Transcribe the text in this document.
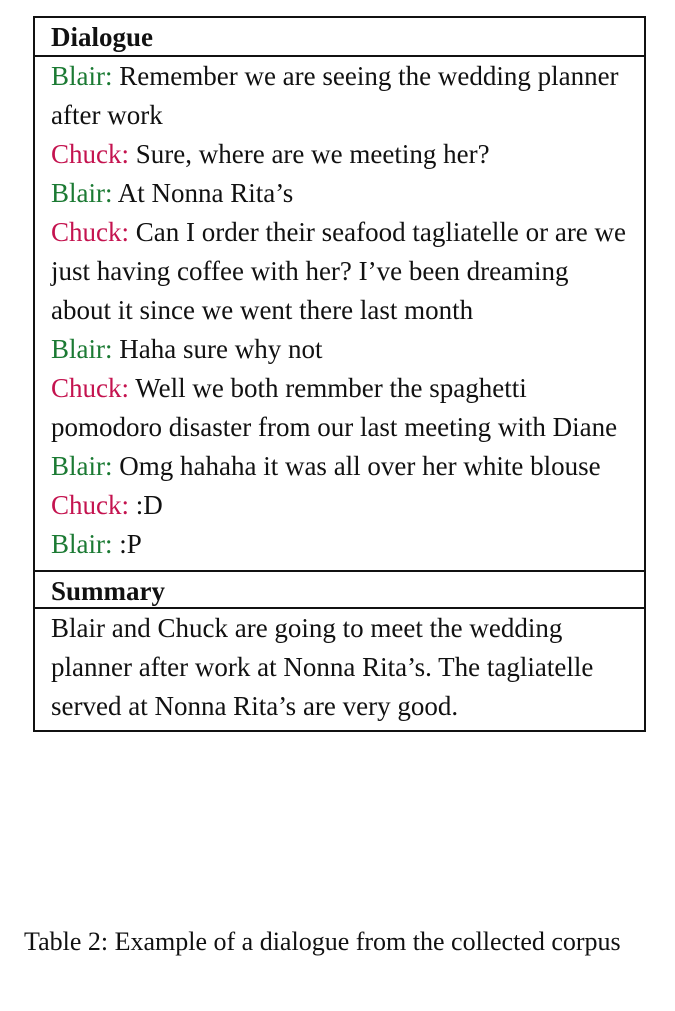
Dialogue

Blair: Remember we are seeing the wedding planner after work

Chuck: Sure, where are we meeting her?

Blair: At Nonna Rita’s

Chuck: Can I order their seafood tagliatelle or are we just having coffee with her? I’ve been dreaming about it since we went there last month

Blair: Haha sure why not

Chuck: Well we both remmber the spaghetti pomodoro disaster from our last meeting with Diane

Blair: Omg hahaha it was all over her white blouse

Chuck: :D

Blair: :P

Summary
Blair and Chuck are going to meet the wedding planner after work at Nonna Rita’s. The tagliatelle served at Nonna Rita’s are very good.
Table 2: Example of a dialogue from the collected corpus
